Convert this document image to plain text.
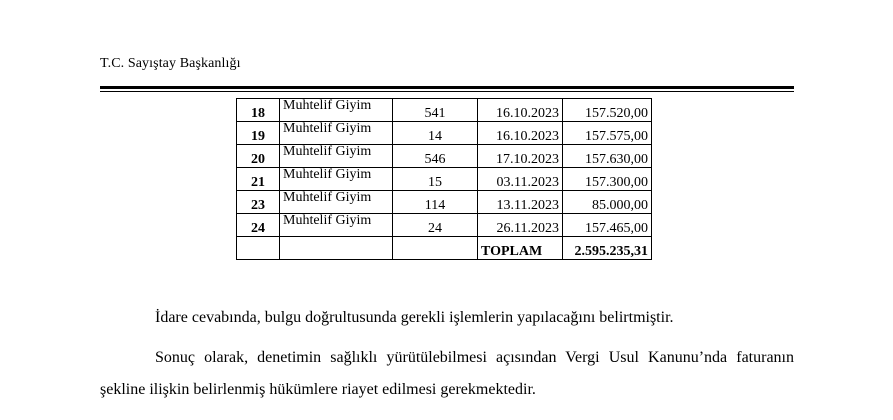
T.C. Sayıştay Başkanlığı
18	Muhtelif Giyim	541	16.10.2023	157.520,00
19	Muhtelif Giyim	14	16.10.2023	157.575,00
20	Muhtelif Giyim	546	17.10.2023	157.630,00
21	Muhtelif Giyim	15	03.11.2023	157.300,00
23	Muhtelif Giyim	114	13.11.2023	85.000,00
24	Muhtelif Giyim	24	26.11.2023	157.465,00
			TOPLAM	2.595.235,31
İdare cevabında, bulgu doğrultusunda gerekli işlemlerin yapılacağını belirtmiştir.
Sonuç olarak, denetimin sağlıklı yürütülebilmesi açısından Vergi Usul Kanunu’nda faturanın şekline ilişkin belirlenmiş hükümlere riayet edilmesi gerekmektedir.
